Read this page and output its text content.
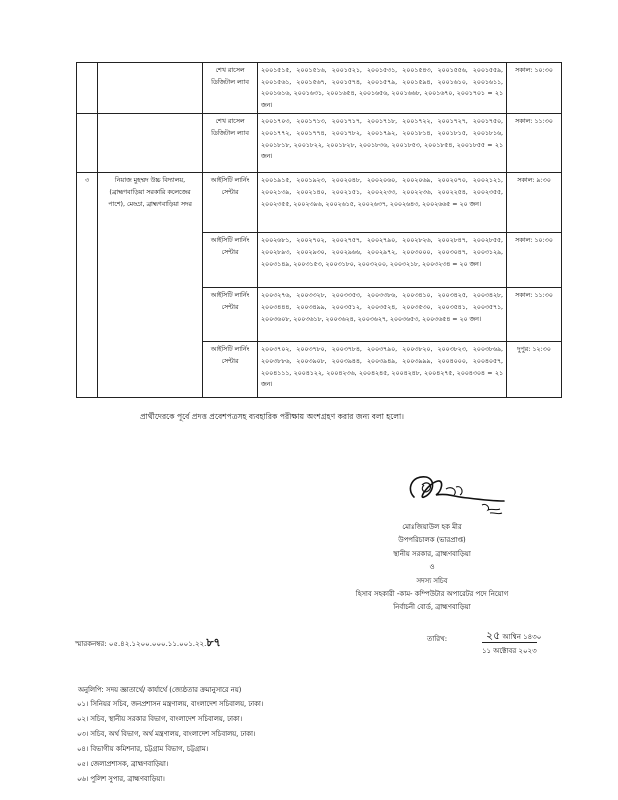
		শেখ রাসেল ডিজিটাল ল্যাব	২০০১৫১৫, ২০০১৫১৬, ২০০১৫২১, ২০০১৫৩১, ২০০১৫৪৩, ২০০১৫৫৬, ২০০১৫৫৯, ২০০১৫৬১, ২০০১৫৬৭, ২০০১৫৭৪, ২০০১৫৭৯, ২০০১৫৯৪, ২০০১৬১০, ২০০১৬১১, ২০০১৬১৬, ২০০১৬৩১, ২০০১৬৫৪, ২০০১৬৫৬, ২০০১৬৬৮, ২০০১৬৭০, ২০০১৭০১ = ২১ জন।	সকাল: ১০:৩০
		শেখ রাসেল ডিজিটাল ল্যাব	২০০১৭০৩, ২০০১৭১৩, ২০০১৭১৭, ২০০১৭১৮, ২০০১৭২২, ২০০১৭২৭, ২০০১৭৫০, ২০০১৭৭২, ২০০১৭৭৪, ২০০১৭৮২, ২০০১৭৯২, ২০০১৮১৪, ২০০১৮১৫, ২০০১৮১৬, ২০০১৮১৮, ২০০১৮২২, ২০০১৮২৮, ২০০১৮৩৬, ২০০১৮৫৩, ২০০১৮৫৪, ২০০১৮৫৫ = ২১ জন।	সকাল: ১১:৩০
৩	নিয়াজ মুহম্মদ উচ্চ বিদ্যালয়, (ব্রাহ্মণবাড়িয়া সরকারি কলেজের পাশে), মেড্ডা, ব্রাহ্মণবাড়িয়া সদর	আইসিটি লার্নিং সেন্টার	২০০১৯১৫, ২০০১৯২৩, ২০০২০৪৮, ২০০২০৬০, ২০০২০৬৯, ২০০২০৭০, ২০০২১২১, ২০০২১৩৯, ২০০২১৪০, ২০০২১৫১, ২০০২২৩৩, ২০০২২৩৬, ২০০২২৫৪, ২০০২৩৫৫, ২০০২৩৫৫, ২০০২৩৯৬, ২০০২৬১৫, ২০০২৬৩৭, ২০০২৬৪৩, ২০০২৬৬৫ = ২০ জন।	সকাল: ৯:৩০
		আইসিটি লার্নিং সেন্টার	২০০২৬৮১, ২০০২৭০২, ২০০২৭৫৭, ২০০২৭৯০, ২০০২৮২৬, ২০০২৮৪৭, ২০০২৮৫৫, ২০০২৮৯৩, ২০০২৯৩০, ২০০২৯৬৬, ২০০২৯৭২, ২০০৩০০০, ২০০৩০৪৭, ২০০৩১২৯, ২০০৩১৪৯, ২০০৩১৫৩, ২০০৩১৮০, ২০০৩২০০, ২০০৩২১৮, ২০০৩২৩৪ = ২০ জন।	সকাল: ১০:৩০
		আইসিটি লার্নিং সেন্টার	২০০৩২৭৬, ২০০৩৩২৮, ২০০৩৩৫৩, ২০০৩৩৮৬, ২০০৩৪১০, ২০০৩৪২৫, ২০০৩৪২৮, ২০০৩৪৪৪, ২০০৩৪৯৯, ২০০৩৫১২, ২০০৩৫২৪, ২০০৩৫৩০, ২০০৩৫৪১, ২০০৩৫৭১, ২০০৩৬০৮, ২০০৩৬১৮, ২০০৩৬২৪, ২০০৩৬২৭, ২০০৩৬৫৩, ২০০৩৬৫৪ = ২০ জন।	সকাল: ১১:৩০
		আইসিটি লার্নিং সেন্টার	২০০৩৭০২, ২০০৩৭৮০, ২০০৩৭৮৪, ২০০৩৭৯০, ২০০৩৮২০, ২০০৩৮২৩, ২০০৩৮৬৯, ২০০৩৮৮৬, ২০০৩৯০৮, ২০০৩৯৪৪, ২০০৩৯৪৯, ২০০৩৯৯৯, ২০০৪০০০, ২০০৪০৫৭, ২০০৪১১১, ২০০৪১২২, ২০০৪২৩৬, ২০০৪২৪৫, ২০০৪২৪৮, ২০০৪২৭৫, ২০০৪৩০৪ = ২১ জন।	দুপুর: ১২:৩০
প্রার্থীদেরকে পূর্বে প্রদত্ত প্রবেশপত্রসহ ব্যবহারিক পরীক্ষায় অংশগ্রহণ করার জন্য বলা হলো।
মোঃজিয়াউল হক মীর
উপপরিচালক (ভারপ্রাপ্ত)
স্থানীয় সরকার, ব্রাহ্মণবাড়িয়া
ও
সদস্য সচিব
হিসাব সহকারী -কাম- কম্পিউটার অপারেটর পদে নিয়োগ
নির্বাচনী বোর্ড, ব্রাহ্মণবাড়িয়া
স্মারকনম্বর: ০৫.৪২.১২০০.০০০.১১.০০১.২২.৮৭	তারিখ:	২৫ আশ্বিন ১৪৩০
১১ অক্টোবর ২০২৩
অনুলিপি: সদয় জ্ঞাতার্থে/ কার্যার্থে (জ্যেষ্ঠতার ক্রমানুসারে নয়)
০১। সিনিয়র সচিব, জনপ্রশাসন মন্ত্রণালয়, বাংলাদেশ সচিবালয়, ঢাকা।
০২। সচিব, স্থানীয় সরকার বিভাগ, বাংলাদেশ সচিবালয়, ঢাকা।
০৩। সচিব, অর্থ বিভাগ, অর্থ মন্ত্রণালয়, বাংলাদেশ সচিবালয়, ঢাকা।
০৪। বিভাগীয় কমিশনার, চট্টগ্রাম বিভাগ, চট্টগ্রাম।
০৫। জেলাপ্রশাসক, ব্রাহ্মণবাড়িয়া।
০৬। পুলিশ সুপার, ব্রাহ্মণবাড়িয়া।
